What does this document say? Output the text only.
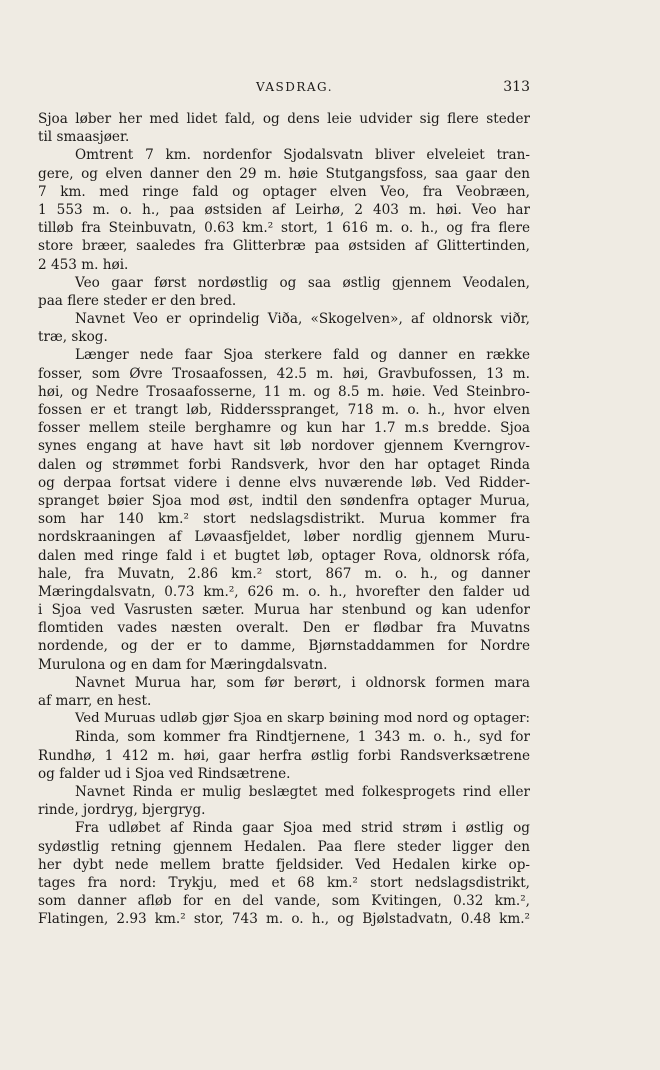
VASDRAG.	313
Sjoa løber her med lidet fald, og dens leie udvider sig flere steder
til smaasjøer.
Omtrent 7 km. nordenfor Sjodalsvatn bliver elveleiet tran-
gere, og elven danner den 29 m. høie Stutgangsfoss, saa gaar den
7 km. med ringe fald og optager elven Veo, fra Veobræen,
1 553 m. o. h., paa østsiden af Leirhø, 2 403 m. høi. Veo har
tilløb fra Steinbuvatn, 0.63 km.² stort, 1 616 m. o. h., og fra flere
store bræer, saaledes fra Glitterbræ paa østsiden af Glittertinden,
2 453 m. høi.
Veo gaar først nordøstlig og saa østlig gjennem Veodalen,
paa flere steder er den bred.
Navnet Veo er oprindelig Viða, «Skogelven», af oldnorsk viðr,
træ, skog.
Længer nede faar Sjoa sterkere fald og danner en række
fosser, som Øvre Trosaafossen, 42.5 m. høi, Gravbufossen, 13 m.
høi, og Nedre Trosaafosserne, 11 m. og 8.5 m. høie. Ved Steinbro-
fossen er et trangt løb, Riddersspranget, 718 m. o. h., hvor elven
fosser mellem steile berghamre og kun har 1.7 m.s bredde. Sjoa
synes engang at have havt sit løb nordover gjennem Kverngrov-
dalen og strømmet forbi Randsverk, hvor den har optaget Rinda
og derpaa fortsat videre i denne elvs nuværende løb. Ved Ridder-
spranget bøier Sjoa mod øst, indtil den søndenfra optager Murua,
som har 140 km.² stort nedslagsdistrikt. Murua kommer fra
nordskraaningen af Løvaasfjeldet, løber nordlig gjennem Muru-
dalen med ringe fald i et bugtet løb, optager Rova, oldnorsk rófa,
hale, fra Muvatn, 2.86 km.² stort, 867 m. o. h., og danner
Mæringdalsvatn, 0.73 km.², 626 m. o. h., hvorefter den falder ud
i Sjoa ved Vasrusten sæter. Murua har stenbund og kan udenfor
flomtiden vades næsten overalt. Den er flødbar fra Muvatns
nordende, og der er to damme, Bjørnstaddammen for Nordre
Murulona og en dam for Mæringdalsvatn.
Navnet Murua har, som før berørt, i oldnorsk formen mara
af marr, en hest.
Ved Muruas udløb gjør Sjoa en skarp bøining mod nord og optager:
Rinda, som kommer fra Rindtjernene, 1 343 m. o. h., syd for
Rundhø, 1 412 m. høi, gaar herfra østlig forbi Randsverksætrene
og falder ud i Sjoa ved Rindsætrene.
Navnet Rinda er mulig beslægtet med folkesprogets rind eller
rinde, jordryg, bjergryg.
Fra udløbet af Rinda gaar Sjoa med strid strøm i østlig og
sydøstlig retning gjennem Hedalen. Paa flere steder ligger den
her dybt nede mellem bratte fjeldsider. Ved Hedalen kirke op-
tages fra nord: Trykju, med et 68 km.² stort nedslagsdistrikt,
som danner afløb for en del vande, som Kvitingen, 0.32 km.²,
Flatingen, 2.93 km.² stor, 743 m. o. h., og Bjølstadvatn, 0.48 km.²
